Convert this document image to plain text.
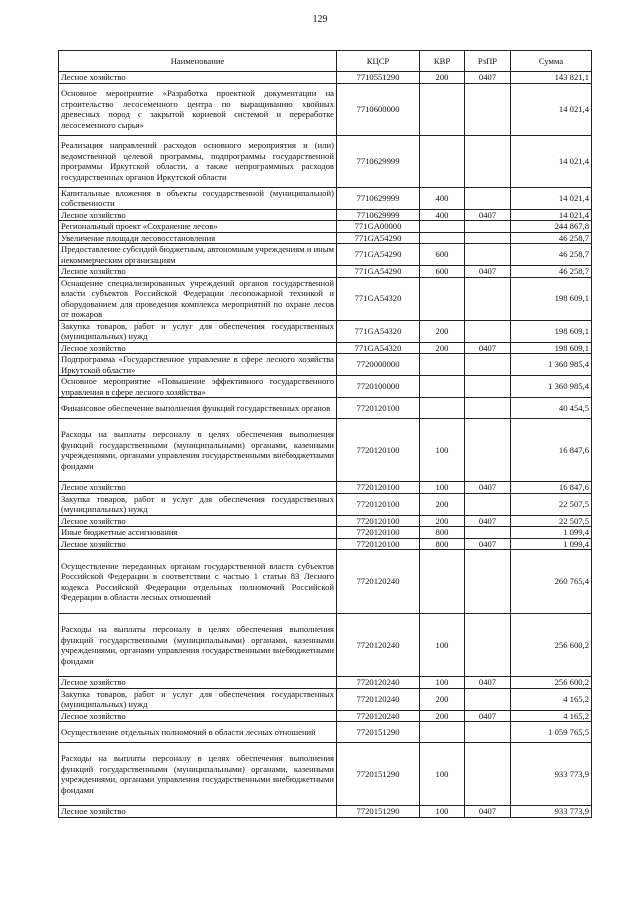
129
Наименование	КЦСР	КВР	РзПР	Сумма
Лесное хозяйство	7710551290	200	0407	143 821,1
Основное мероприятие «Разработка проектной документации на строительство лесосеменного центра по выращиванию хвойных древесных пород с закрытой корневой системой и переработке лесосеменного сырья»	7710600000			14 021,4
Реализация направлений расходов основного мероприятия и (или) ведомственной целевой программы, подпрограммы государственной программы Иркутской области, а также непрограммных расходов государственных органов Иркутской области	7710629999			14 021,4
Капитальные вложения в объекты государственной (муниципальной) собственности	7710629999	400		14 021,4
Лесное хозяйство	7710629999	400	0407	14 021,4
Региональный проект «Сохранение лесов»	771GA00000			244 867,8
Увеличение площади лесовосстановления	771GA54290			46 258,7
Предоставление субсидий бюджетным, автономным учреждениям и иным некоммерческим организациям	771GA54290	600		46 258,7
Лесное хозяйство	771GA54290	600	0407	46 258,7
Оснащение специализированных учреждений органов государственной власти субъектов Российской Федерации лесопожарной техникой и оборудованием для проведения комплекса мероприятий по охране лесов от пожаров	771GA54320			198 609,1
Закупка товаров, работ и услуг для обеспечения государственных (муниципальных) нужд	771GA54320	200		198 609,1
Лесное хозяйство	771GA54320	200	0407	198 609,1
Подпрограмма «Государственное управление в сфере лесного хозяйства Иркутской области»	7720000000			1 360 985,4
Основное мероприятие «Повышение эффективного государственного управления в сфере лесного хозяйства»	7720100000			1 360 985,4
Финансовое обеспечение выполнения функций государственных органов	7720120100			40 454,5
Расходы на выплаты персоналу в целях обеспечения выполнения функций государственными (муниципальными) органами, казенными учреждениями, органами управления государственными внебюджетными фондами	7720120100	100		16 847,6
Лесное хозяйство	7720120100	100	0407	16 847,6
Закупка товаров, работ и услуг для обеспечения государственных (муниципальных) нужд	7720120100	200		22 507,5
Лесное хозяйство	7720120100	200	0407	22 507,5
Иные бюджетные ассигнования	7720120100	800		1 099,4
Лесное хозяйство	7720120100	800	0407	1 099,4
Осуществление переданных органам государственной власти субъектов Российской Федерации в соответствии с частью 1 статьи 83 Лесного кодекса Российской Федерации отдельных полномочий Российской Федерации в области лесных отношений	7720120240			260 765,4
Расходы на выплаты персоналу в целях обеспечения выполнения функций государственными (муниципальными) органами, казенными учреждениями, органами управления государственными внебюджетными фондами	7720120240	100		256 600,2
Лесное хозяйство	7720120240	100	0407	256 600,2
Закупка товаров, работ и услуг для обеспечения государственных (муниципальных) нужд	7720120240	200		4 165,2
Лесное хозяйство	7720120240	200	0407	4 165,2
Осуществление отдельных полномочий в области лесных отношений	7720151290			1 059 765,5
Расходы на выплаты персоналу в целях обеспечения выполнения функций государственными (муниципальными) органами, казенными учреждениями, органами управления государственными внебюджетными фондами	7720151290	100		933 773,9
Лесное хозяйство	7720151290	100	0407	933 773,9
